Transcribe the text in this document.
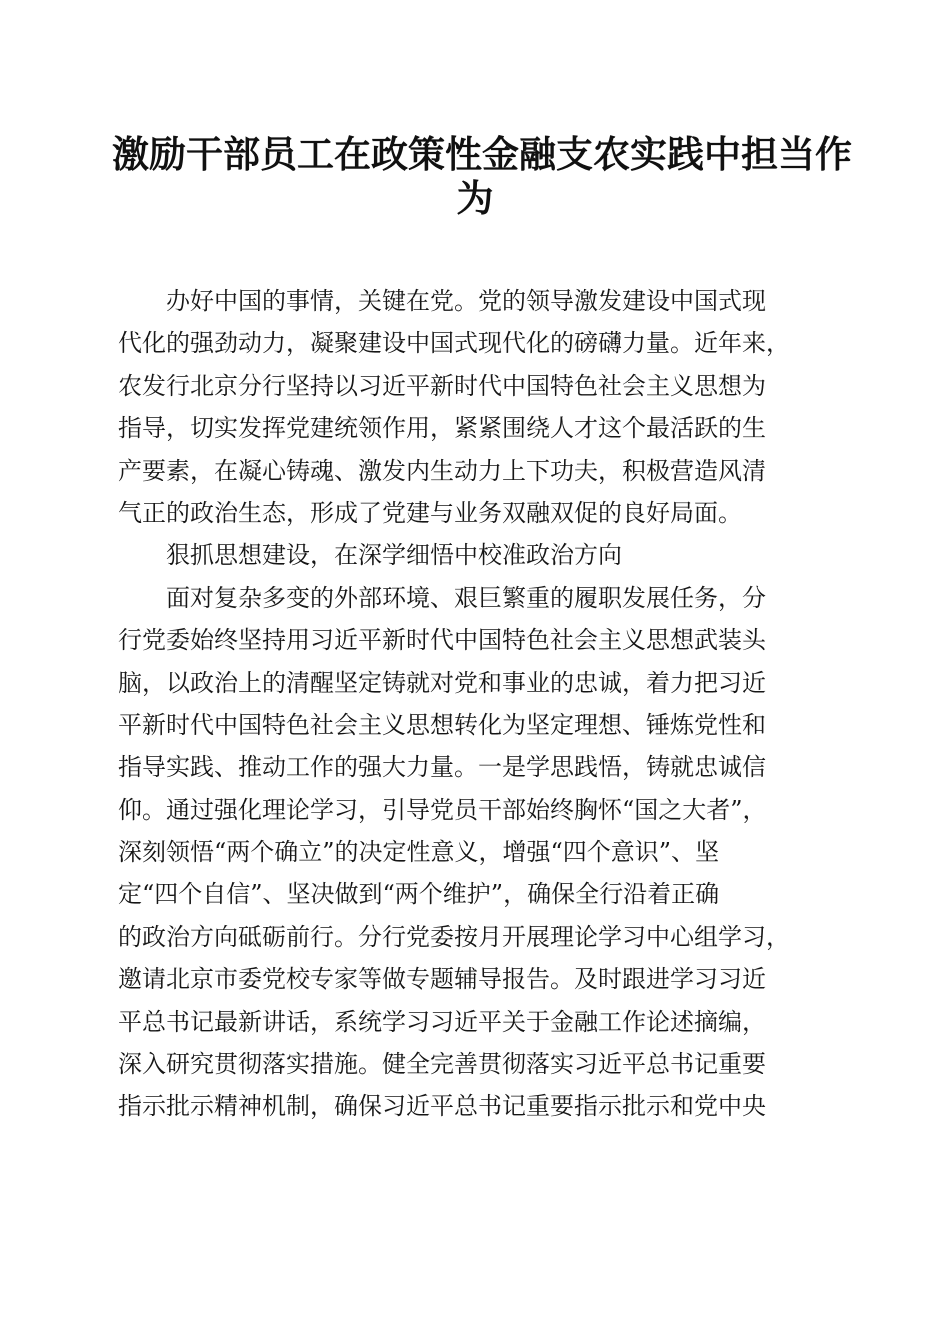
激励干部员工在政策性金融支农实践中担当作
为
办好中国的事情，关键在党。党的领导激发建设中国式现
代化的强劲动力，凝聚建设中国式现代化的磅礴力量。近年来，
农发行北京分行坚持以习近平新时代中国特色社会主义思想为
指导，切实发挥党建统领作用，紧紧围绕人才这个最活跃的生
产要素，在凝心铸魂、激发内生动力上下功夫，积极营造风清
气正的政治生态，形成了党建与业务双融双促的良好局面。
狠抓思想建设，在深学细悟中校准政治方向
面对复杂多变的外部环境、艰巨繁重的履职发展任务，分
行党委始终坚持用习近平新时代中国特色社会主义思想武装头
脑，以政治上的清醒坚定铸就对党和事业的忠诚，着力把习近
平新时代中国特色社会主义思想转化为坚定理想、锤炼党性和
指导实践、推动工作的强大力量。一是学思践悟，铸就忠诚信
仰。通过强化理论学习，引导党员干部始终胸怀“国之大者”，
深刻领悟“两个确立”的决定性意义，增强“四个意识”、坚
定“四个自信”、坚决做到“两个维护”，确保全行沿着正确
的政治方向砥砺前行。分行党委按月开展理论学习中心组学习，
邀请北京市委党校专家等做专题辅导报告。及时跟进学习习近
平总书记最新讲话，系统学习习近平关于金融工作论述摘编，
深入研究贯彻落实措施。健全完善贯彻落实习近平总书记重要
指示批示精神机制，确保习近平总书记重要指示批示和党中央
